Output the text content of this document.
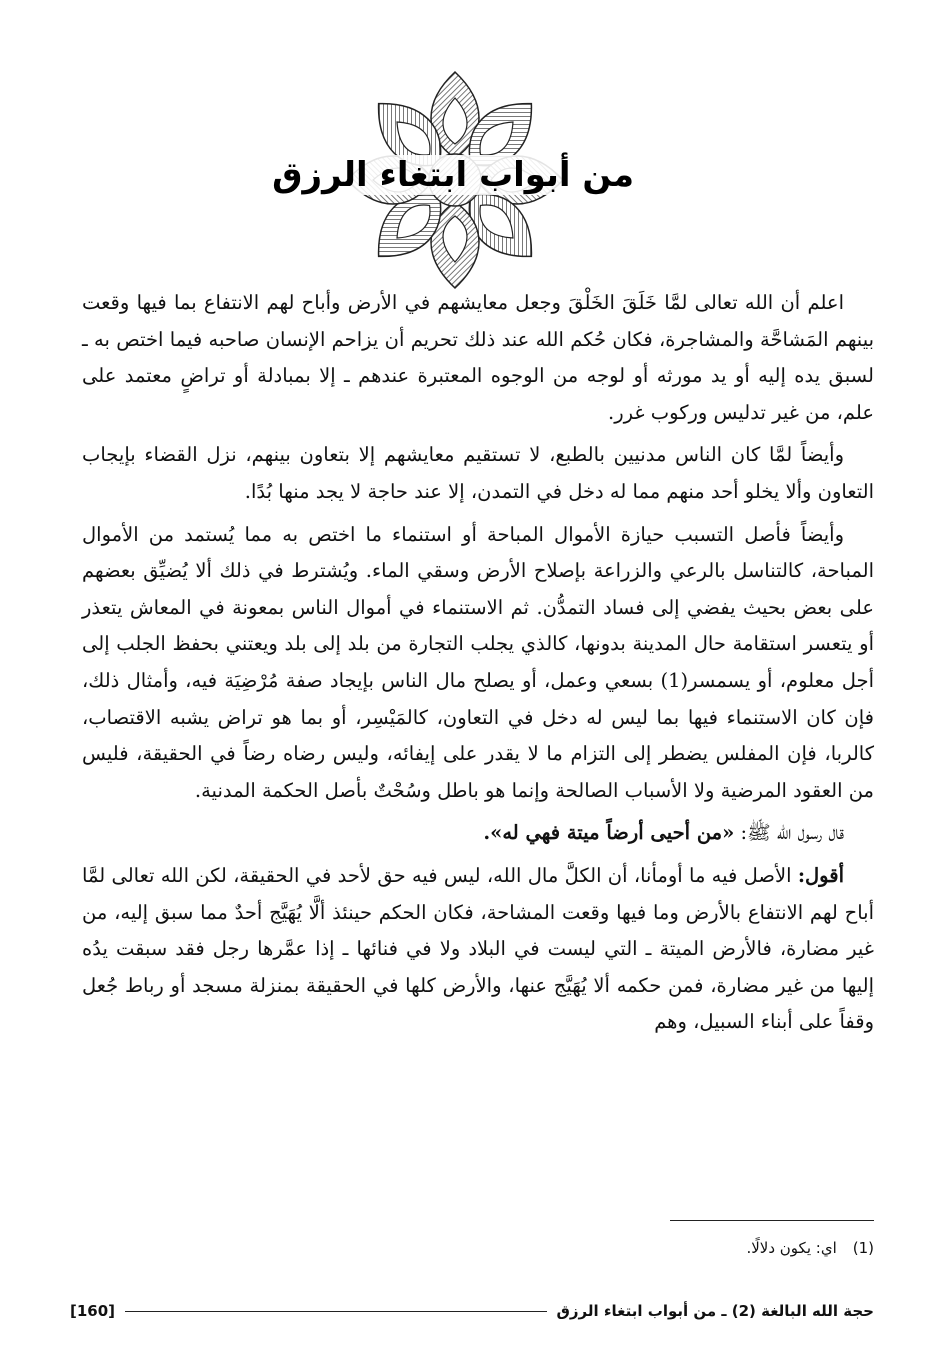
من أبواب ابتغاء الرزق

اعلم أن الله تعالى لمَّا خَلَقَ الخَلْقَ وجعل معايشهم في الأرض وأباح لهم الانتفاع بما فيها وقعت بينهم المَشاحَّة والمشاجرة، فكان حُكم الله عند ذلك تحريم أن يزاحم الإنسان صاحبه فيما اختص به ـ لسبق يده إليه أو يد مورثه أو لوجه من الوجوه المعتبرة عندهم ـ إلا بمبادلة أو تراضٍ معتمد على علم، من غير تدليس وركوب غرر.

وأيضاً لمَّا كان الناس مدنيين بالطبع، لا تستقيم معايشهم إلا بتعاون بينهم، نزل القضاء بإيجاب التعاون وألا يخلو أحد منهم مما له دخل في التمدن، إلا عند حاجة لا يجد منها بُدًا.

وأيضاً فأصل التسبب حيازة الأموال المباحة أو استنماء ما اختص به مما يُستمد من الأموال المباحة، كالتناسل بالرعي والزراعة بإصلاح الأرض وسقي الماء. ويُشترط في ذلك ألا يُضيِّق بعضهم على بعض بحيث يفضي إلى فساد التمدُّن. ثم الاستنماء في أموال الناس بمعونة في المعاش يتعذر أو يتعسر استقامة حال المدينة بدونها، كالذي يجلب التجارة من بلد إلى بلد ويعتني بحفظ الجلب إلى أجل معلوم، أو يسمسر(1) بسعي وعمل، أو يصلح مال الناس بإيجاد صفة مُرْضِيَة فيه، وأمثال ذلك، فإن كان الاستنماء فيها بما ليس له دخل في التعاون، كالمَيْسِر، أو بما هو تراض يشبه الاقتصاب، كالربا، فإن المفلس يضطر إلى التزام ما لا يقدر على إيفائه، وليس رضاه رضاً في الحقيقة، فليس من العقود المرضية ولا الأسباب الصالحة وإنما هو باطل وسُحْتٌ بأصل الحكمة المدنية.

قال رسول الله ﷺ: «من أحيى أرضاً ميتة فهي له».

أقول: الأصل فيه ما أومأنا، أن الكلَّ مال الله، ليس فيه حق لأحد في الحقيقة، لكن الله تعالى لمَّا أباح لهم الانتفاع بالأرض وما فيها وقعت المشاحة، فكان الحكم حينئذ ألَّا يُهَيَّج أحدٌ مما سبق إليه، من غير مضارة، فالأرض الميتة ـ التي ليست في البلاد ولا في فنائها ـ إذا عمَّرها رجل فقد سبقت يدُه إليها من غير مضارة، فمن حكمه ألا يُهَيَّج عنها، والأرض كلها في الحقيقة بمنزلة مسجد أو رباط جُعل وقفاً على أبناء السبيل، وهم

(1)اي: يكون دلالًا.
حجة الله البالغة (2) ـ من أبواب ابتغاء الرزق
[160]
